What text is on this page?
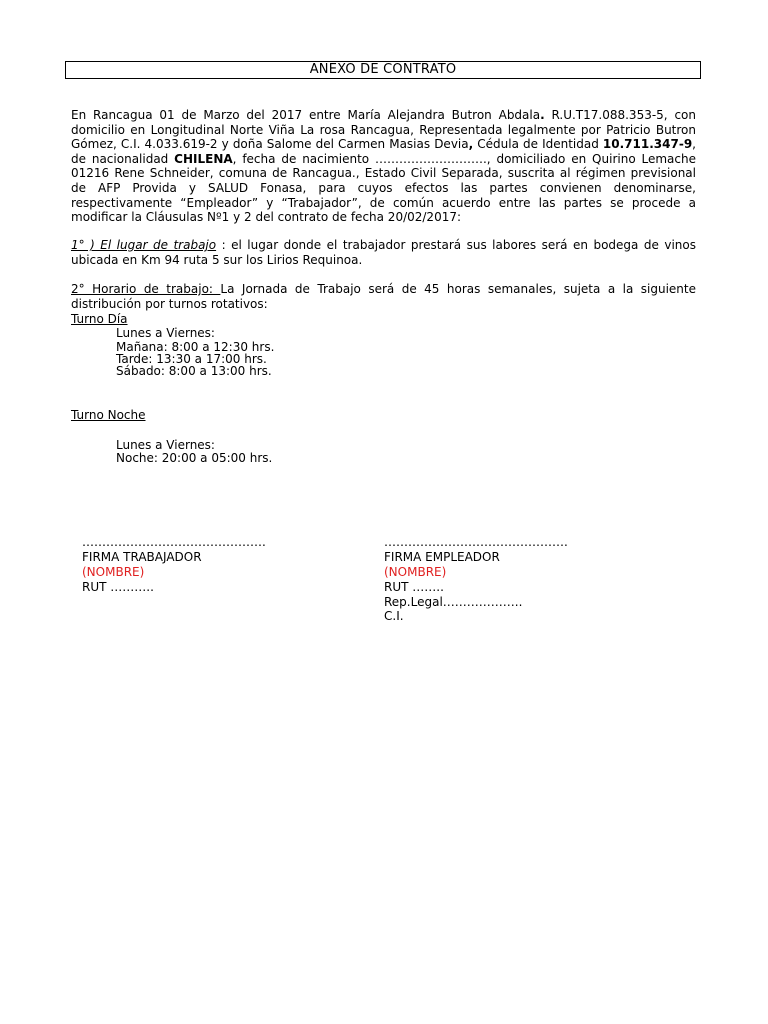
ANEXO DE CONTRATO
En Rancagua 01 de Marzo del 2017 entre María Alejandra Butron Abdala. R.U.T17.088.353-5, con domicilio en Longitudinal Norte Viña La rosa Rancagua, Representada legalmente por Patricio Butron Gómez, C.I. 4.033.619-2 y doña Salome del Carmen Masias Devia, Cédula de Identidad 10.711.347-9, de nacionalidad CHILENA, fecha de nacimiento ………………………., domiciliado en Quirino Lemache 01216 Rene Schneider, comuna de Rancagua., Estado Civil Separada, suscrita al régimen previsional de AFP Provida y SALUD Fonasa, para cuyos efectos las partes convienen denominarse, respectivamente “Empleador” y “Trabajador”, de común acuerdo entre las partes se procede a modificar la Cláusulas Nº1 y 2 del contrato de fecha 20/02/2017:
1° ) El lugar de trabajo : el lugar donde el trabajador prestará sus labores será en bodega de vinos ubicada en Km 94 ruta 5 sur los Lirios Requinoa.
2° Horario de trabajo: La Jornada de Trabajo será de 45 horas semanales, sujeta a la siguiente distribución por turnos rotativos:
Turno Día
Lunes a Viernes:
Mañana: 8:00 a 12:30 hrs.
Tarde: 13:30 a 17:00 hrs.
Sábado: 8:00 a 13:00 hrs.
Turno Noche
Lunes a Viernes:
Noche: 20:00 a 05:00 hrs.
……………………………………….
FIRMA TRABAJADOR
(NOMBRE)
RUT ………..
……………………………………….
FIRMA EMPLEADOR
(NOMBRE)
RUT ……..
Rep.Legal………………..
C.I.
